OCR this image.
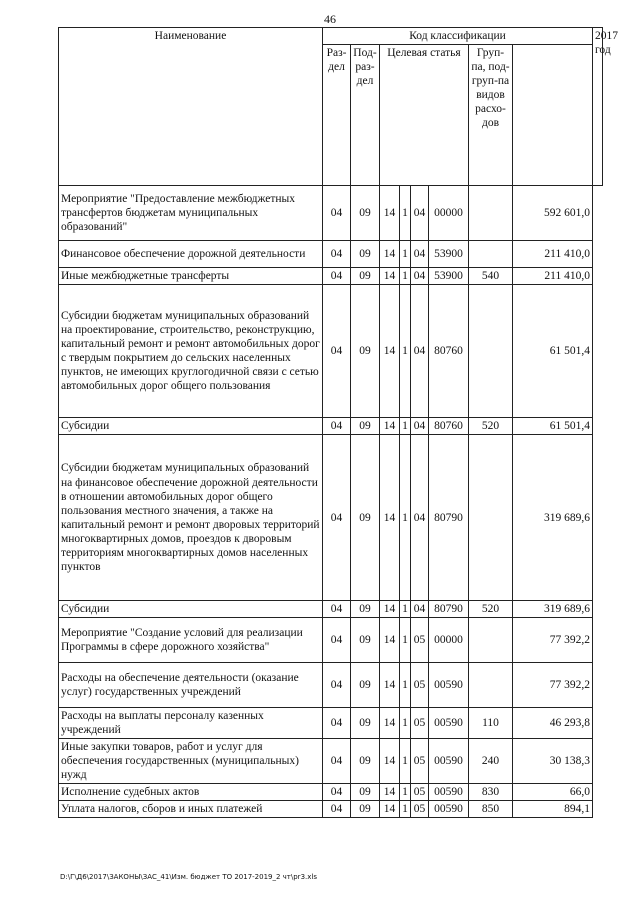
46
Наименование	Код классификации								2017 год
	Раз-дел	Под-раз-дел	Целевая статья				Груп-па, под-груп-па видов расхо-дов		
Мероприятие "Предоставление межбюджетных трансфертов бюджетам муниципальных образований"	04	09	14	1	04	00000		592 601,0	
Финансовое обеспечение дорожной деятельности	04	09	14	1	04	53900		211 410,0	
Иные межбюджетные трансферты	04	09	14	1	04	53900	540	211 410,0	
Субсидии бюджетам муниципальных образований на проектирование, строительство, реконструкцию, капитальный ремонт и ремонт автомобильных дорог с твердым покрытием до сельских населенных пунктов, не имеющих круглогодичной связи с сетью автомобильных дорог общего пользования	04	09	14	1	04	80760		61 501,4	
Субсидии	04	09	14	1	04	80760	520	61 501,4	
Субсидии бюджетам муниципальных образований на финансовое обеспечение дорожной деятельности в отношении автомобильных дорог общего пользования местного значения, а также на капитальный ремонт и ремонт дворовых территорий многоквартирных домов, проездов к дворовым территориям многоквартирных домов населенных пунктов	04	09	14	1	04	80790		319 689,6	
Субсидии	04	09	14	1	04	80790	520	319 689,6	
Мероприятие "Создание условий для реализации Программы в сфере дорожного хозяйства"	04	09	14	1	05	00000		77 392,2	
Расходы на обеспечение деятельности (оказание услуг) государственных учреждений	04	09	14	1	05	00590		77 392,2	
Расходы на выплаты персоналу казенных учреждений	04	09	14	1	05	00590	110	46 293,8	
Иные закупки товаров, работ и услуг для обеспечения государственных (муниципальных) нужд	04	09	14	1	05	00590	240	30 138,3	
Исполнение судебных актов	04	09	14	1	05	00590	830	66,0	
Уплата налогов, сборов и иных платежей	04	09	14	1	05	00590	850	894,1	
D:\Г\Д6\2017\ЗАКОНЫ\ЗАС_41\Изм. бюджет ТО 2017-2019_2 чт\pr3.xls
